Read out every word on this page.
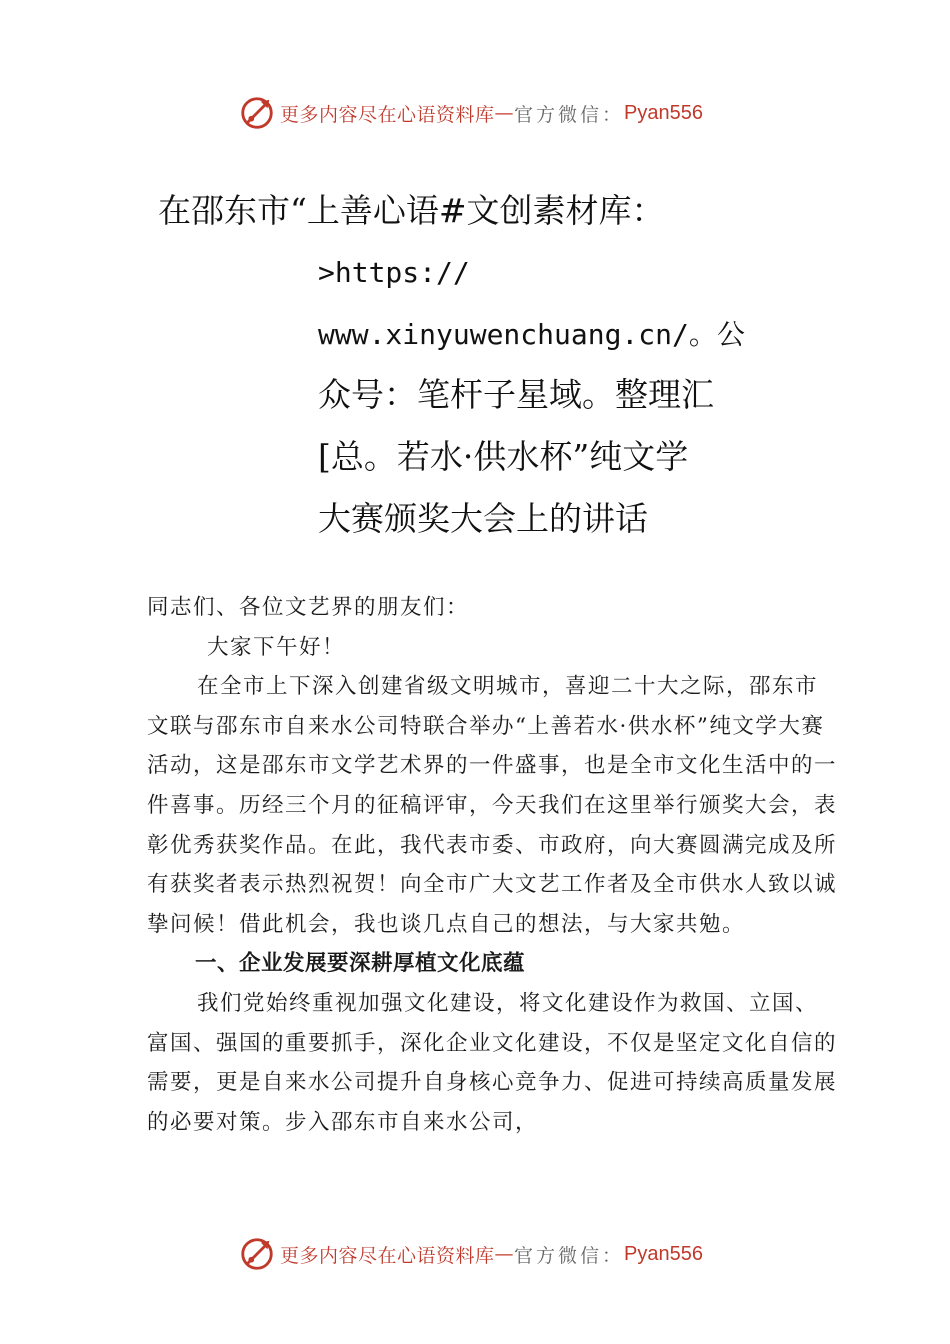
更多内容尽在心语资料库 — 官方微信： Pyan556
在邵东市“上善心语#文创素材库：
>https://
www.xinyuwenchuang.cn/。公
众号：笔杆子星域。整理汇
[总。若水·供水杯”纯文学
大赛颁奖大会上的讲话

同志们、各位文艺界的朋友们：

大家下午好！

在全市上下深入创建省级文明城市，喜迎二十大之际，邵东市文联与邵东市自来水公司特联合举办“上善若水·供水杯”纯文学大赛活动，这是邵东市文学艺术界的一件盛事，也是全市文化生活中的一件喜事。历经三个月的征稿评审，今天我们在这里举行颁奖大会，表彰优秀获奖作品。在此，我代表市委、市政府，向大赛圆满完成及所有获奖者表示热烈祝贺！向全市广大文艺工作者及全市供水人致以诚挚问候！借此机会，我也谈几点自己的想法，与大家共勉。

一、企业发展要深耕厚植文化底蕴

我们党始终重视加强文化建设，将文化建设作为救国、立国、富国、强国的重要抓手，深化企业文化建设，不仅是坚定文化自信的需要，更是自来水公司提升自身核心竞争力、促进可持续高质量发展的必要对策。步入邵东市自来水公司，

更多内容尽在心语资料库 — 官方微信： Pyan556
